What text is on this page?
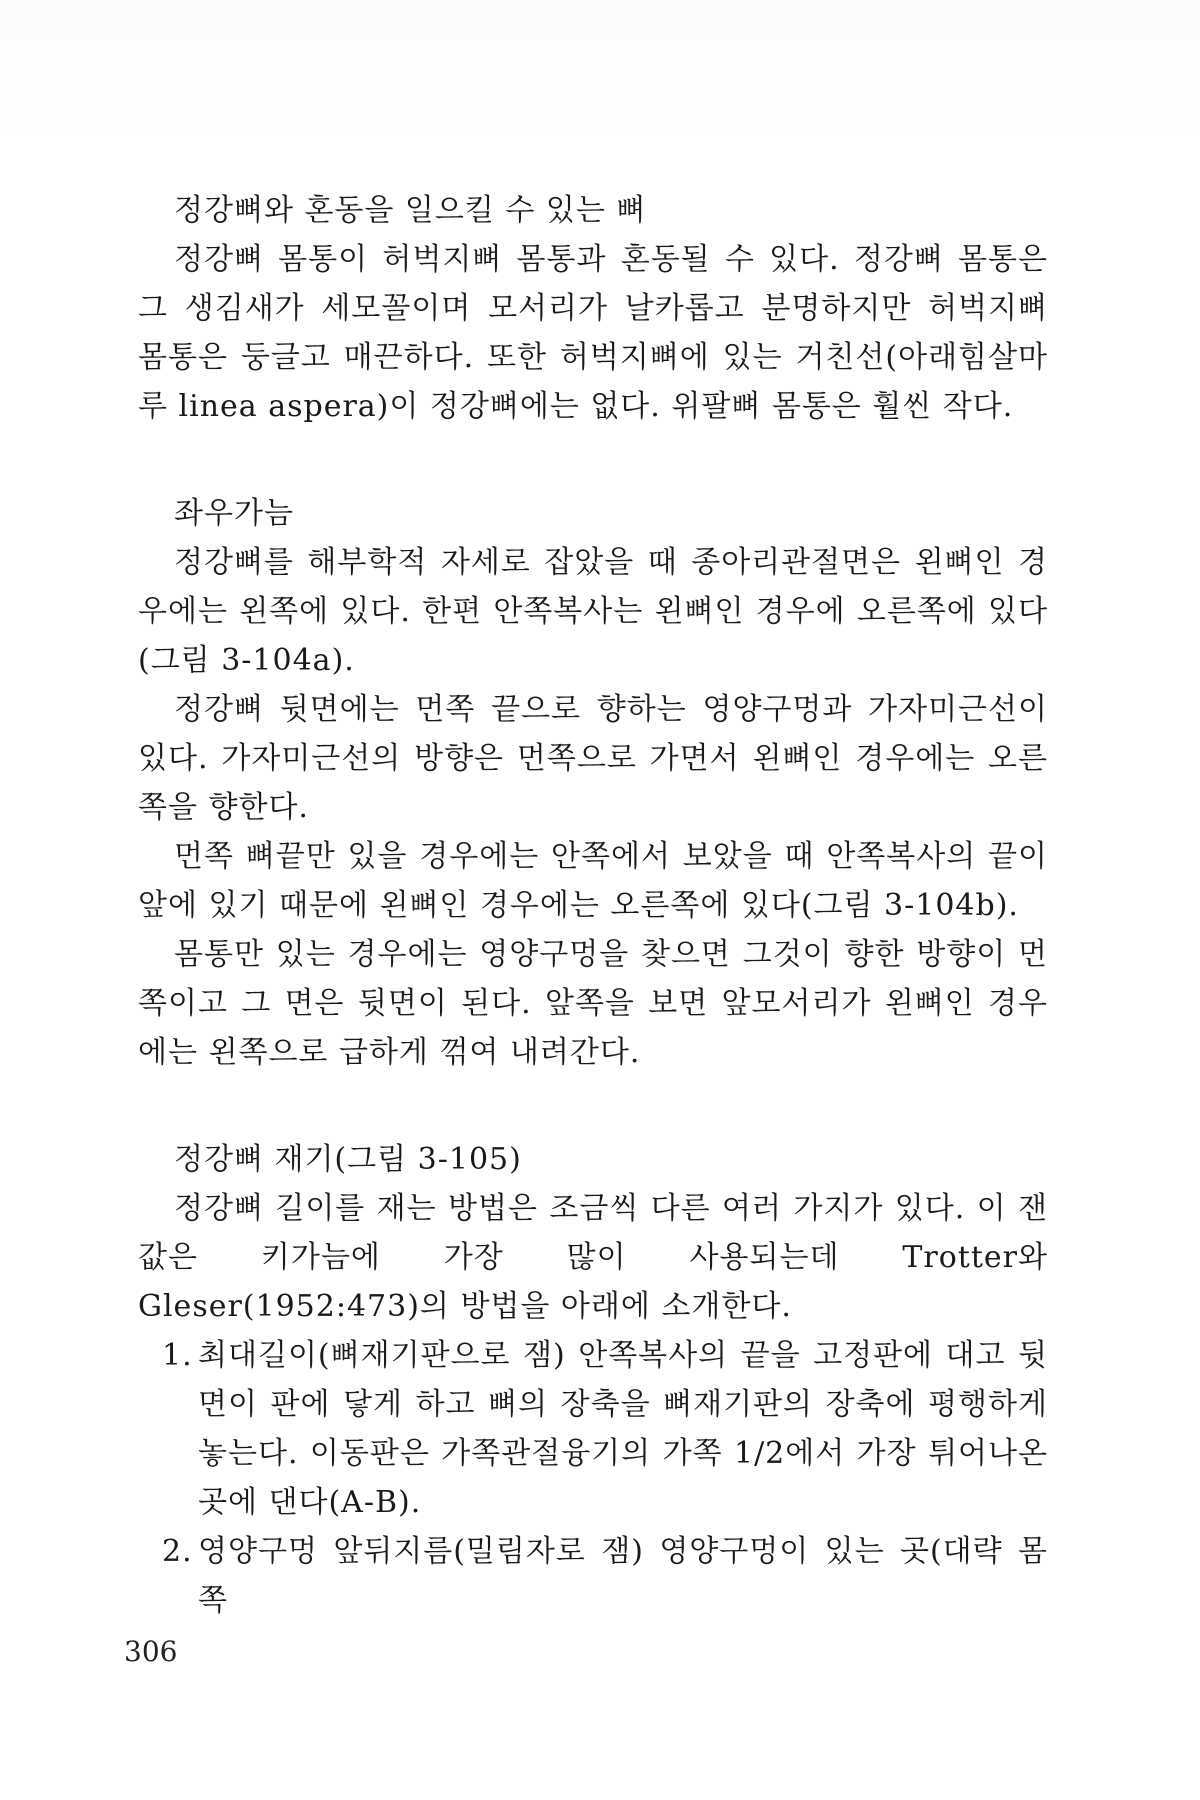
정강뼈와 혼동을 일으킬 수 있는 뼈

정강뼈 몸통이 허벅지뼈 몸통과 혼동될 수 있다. 정강뼈 몸통은 그 생김새가 세모꼴이며 모서리가 날카롭고 분명하지만 허벅지뼈 몸통은 둥글고 매끈하다. 또한 허벅지뼈에 있는 거친선(아래힘살마루 linea aspera)이 정강뼈에는 없다. 위팔뼈 몸통은 훨씬 작다.

좌우가늠

정강뼈를 해부학적 자세로 잡았을 때 종아리관절면은 왼뼈인 경우에는 왼쪽에 있다. 한편 안쪽복사는 왼뼈인 경우에 오른쪽에 있다(그림 3-104a).

정강뼈 뒷면에는 먼쪽 끝으로 향하는 영양구멍과 가자미근선이 있다. 가자미근선의 방향은 먼쪽으로 가면서 왼뼈인 경우에는 오른쪽을 향한다.

먼쪽 뼈끝만 있을 경우에는 안쪽에서 보았을 때 안쪽복사의 끝이 앞에 있기 때문에 왼뼈인 경우에는 오른쪽에 있다(그림 3-104b).

몸통만 있는 경우에는 영양구멍을 찾으면 그것이 향한 방향이 먼쪽이고 그 면은 뒷면이 된다. 앞쪽을 보면 앞모서리가 왼뼈인 경우에는 왼쪽으로 급하게 꺾여 내려간다.

정강뼈 재기(그림 3-105)

정강뼈 길이를 재는 방법은 조금씩 다른 여러 가지가 있다. 이 잰 값은 키가늠에 가장 많이 사용되는데 Trotter와 Gleser(1952:473)의 방법을 아래에 소개한다.

1. 최대길이(뼈재기판으로 잼) 안쪽복사의 끝을 고정판에 대고 뒷면이 판에 닿게 하고 뼈의 장축을 뼈재기판의 장축에 평행하게 놓는다. 이동판은 가쪽관절융기의 가쪽 1/2에서 가장 튀어나온 곳에 댄다(A-B).
2. 영양구멍 앞뒤지름(밀림자로 잼) 영양구멍이 있는 곳(대략 몸쪽
306
